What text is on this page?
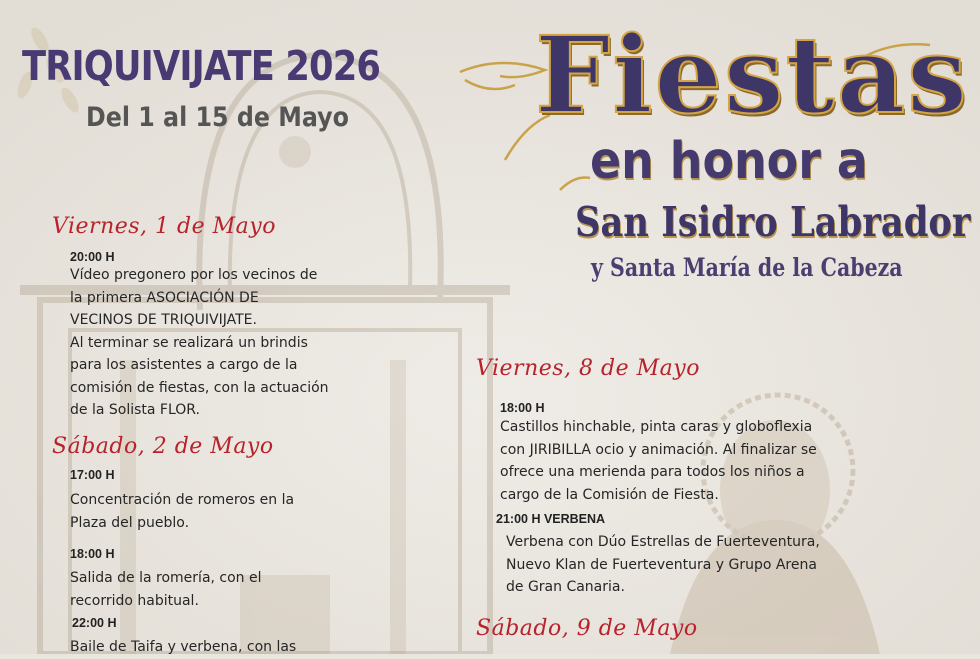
TRIQUIVIJATE 2026
Del 1 al 15 de Mayo Fiestas
en honor a
San Isidro Labrador
y Santa María de la Cabeza
Viernes, 1 de Mayo
20:00 H
Vídeo pregonero por los vecinos de
la primera ASOCIACIÓN DE
VECINOS DE TRIQUIVIJATE.
Al terminar se realizará un brindis
para los asistentes a cargo de la
comisión de fiestas, con la actuación
de la Solista FLOR.
Sábado, 2 de Mayo
17:00 H
Concentración de romeros en la
Plaza del pueblo.
18:00 H
Salida de la romería, con el
recorrido habitual.
22:00 H
Baile de Taifa y verbena, con las
Viernes, 8 de Mayo
18:00 H
Castillos hinchable, pinta caras y globoflexia
con JIRIBILLA ocio y animación. Al finalizar se
ofrece una merienda para todos los niños a
cargo de la Comisión de Fiesta.
21:00 H VERBENA
Verbena con Dúo Estrellas de Fuerteventura,
Nuevo Klan de Fuerteventura y Grupo Arena
de Gran Canaria.
Sábado, 9 de Mayo
